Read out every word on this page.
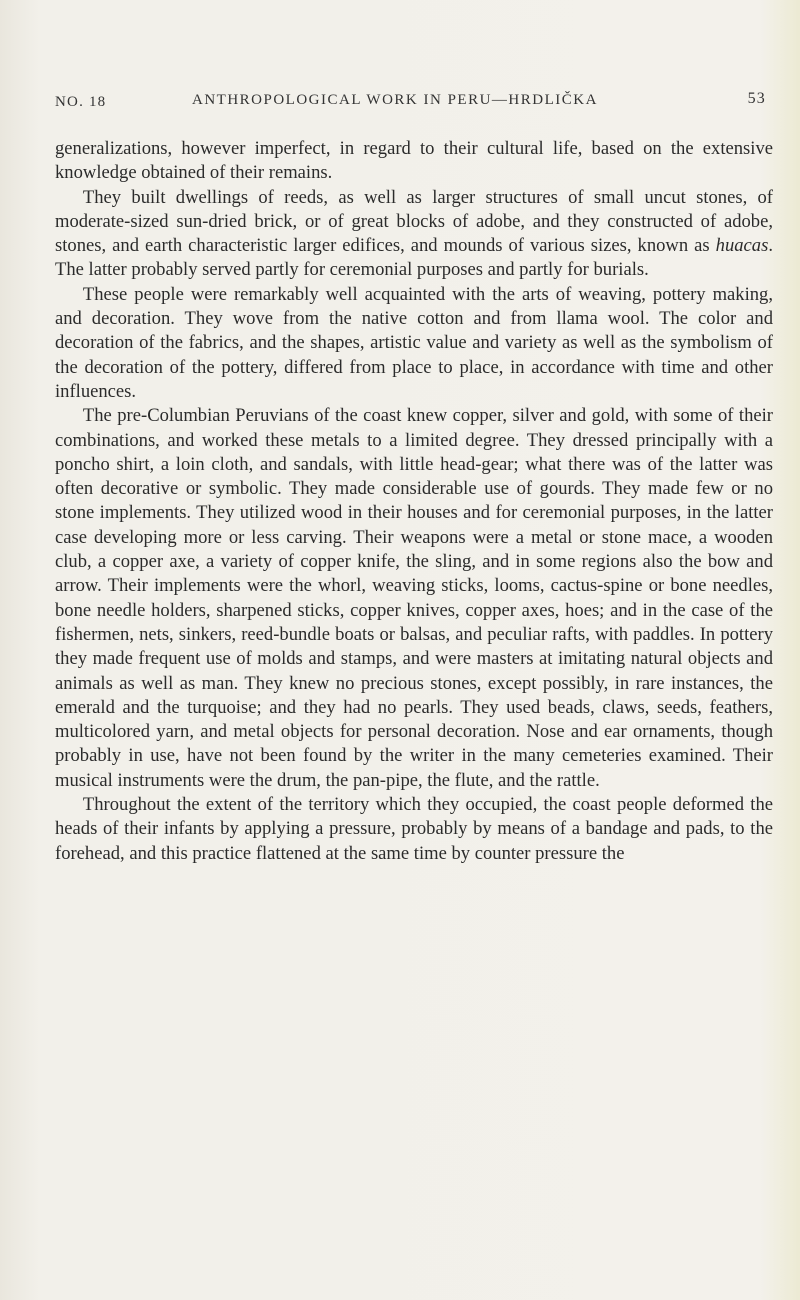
NO. 18	ANTHROPOLOGICAL WORK IN PERU—HRDLIČKA	53

generalizations, however imperfect, in regard to their cultural life, based on the extensive knowledge obtained of their remains.

They built dwellings of reeds, as well as larger structures of small uncut stones, of moderate-sized sun-dried brick, or of great blocks of adobe, and they constructed of adobe, stones, and earth characteristic larger edifices, and mounds of various sizes, known as huacas. The latter probably served partly for ceremonial purposes and partly for burials.

These people were remarkably well acquainted with the arts of weaving, pottery making, and decoration. They wove from the native cotton and from llama wool. The color and decoration of the fabrics, and the shapes, artistic value and variety as well as the symbolism of the decoration of the pottery, differed from place to place, in accordance with time and other influences.

The pre-Columbian Peruvians of the coast knew copper, silver and gold, with some of their combinations, and worked these metals to a limited degree. They dressed principally with a poncho shirt, a loin cloth, and sandals, with little head-gear; what there was of the latter was often decorative or symbolic. They made considerable use of gourds. They made few or no stone implements. They utilized wood in their houses and for ceremonial purposes, in the latter case developing more or less carving. Their weapons were a metal or stone mace, a wooden club, a copper axe, a variety of copper knife, the sling, and in some regions also the bow and arrow. Their implements were the whorl, weaving sticks, looms, cactus-spine or bone needles, bone needle holders, sharpened sticks, copper knives, copper axes, hoes; and in the case of the fishermen, nets, sinkers, reed-bundle boats or balsas, and peculiar rafts, with paddles. In pottery they made frequent use of molds and stamps, and were masters at imitating natural objects and animals as well as man. They knew no precious stones, except possibly, in rare instances, the emerald and the turquoise; and they had no pearls. They used beads, claws, seeds, feathers, multicolored yarn, and metal objects for personal decoration. Nose and ear ornaments, though probably in use, have not been found by the writer in the many cemeteries examined. Their musical instruments were the drum, the pan-pipe, the flute, and the rattle.

Throughout the extent of the territory which they occupied, the coast people deformed the heads of their infants by applying a pressure, probably by means of a bandage and pads, to the forehead, and this practice flattened at the same time by counter pressure the
